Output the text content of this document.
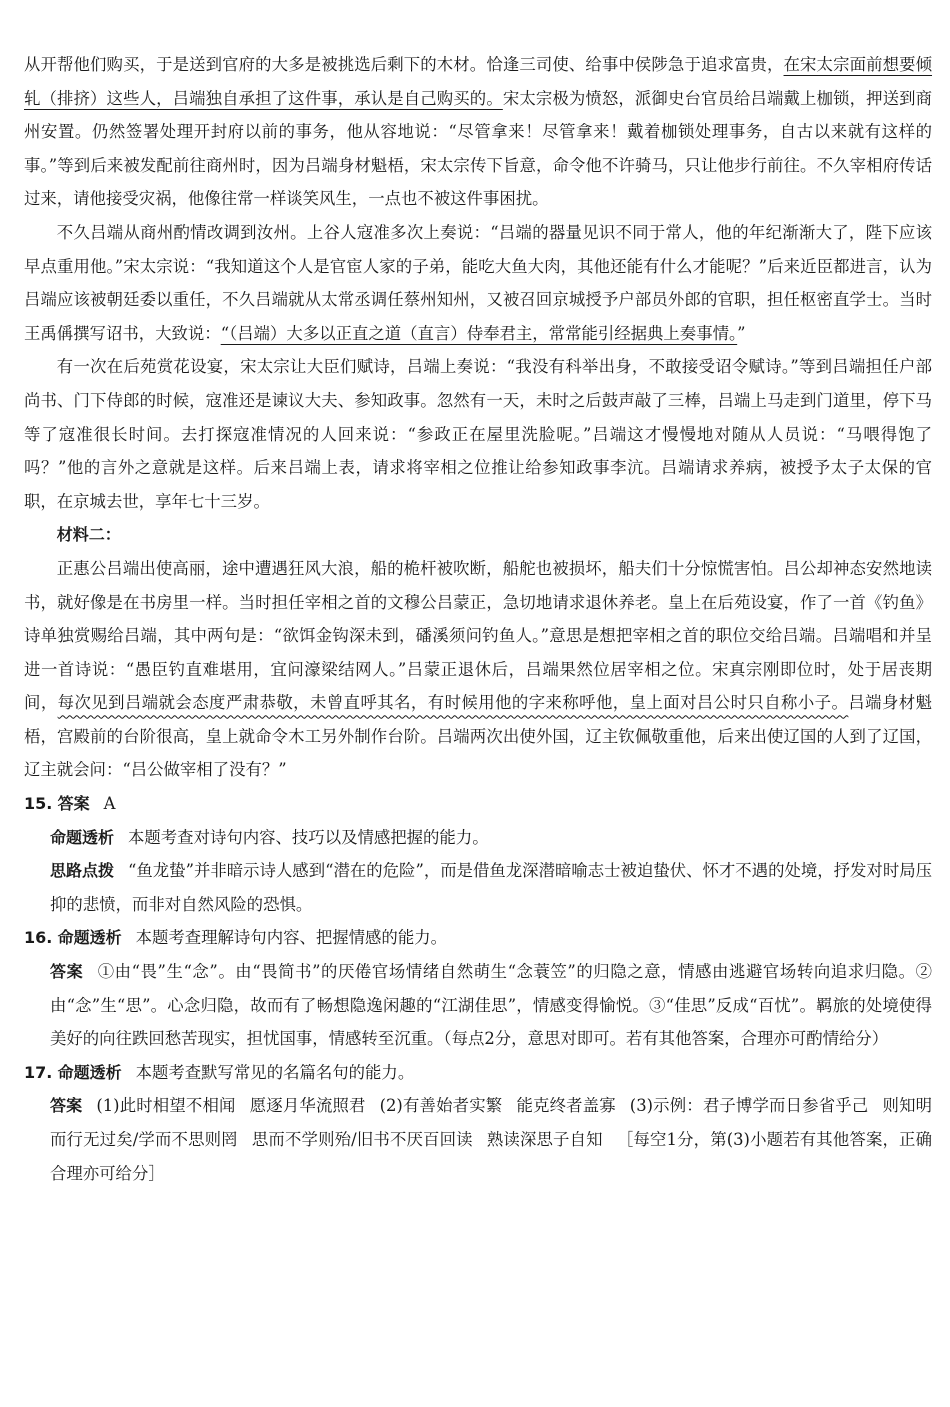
从开帮他们购买，于是送到官府的大多是被挑选后剩下的木材。恰逢三司使、给事中侯陟急于追求富贵，在宋太宗面前想要倾轧（排挤）这些人，吕端独自承担了这件事，承认是自己购买的。宋太宗极为愤怒，派御史台官员给吕端戴上枷锁，押送到商州安置。仍然签署处理开封府以前的事务，他从容地说：“尽管拿来！尽管拿来！戴着枷锁处理事务，自古以来就有这样的事。”等到后来被发配前往商州时，因为吕端身材魁梧，宋太宗传下旨意，命令他不许骑马，只让他步行前往。不久宰相府传话过来，请他接受灾祸，他像往常一样谈笑风生，一点也不被这件事困扰。

不久吕端从商州酌情改调到汝州。上谷人寇准多次上奏说：“吕端的器量见识不同于常人，他的年纪渐渐大了，陛下应该早点重用他。”宋太宗说：“我知道这个人是官宦人家的子弟，能吃大鱼大肉，其他还能有什么才能呢？”后来近臣都进言，认为吕端应该被朝廷委以重任，不久吕端就从太常丞调任蔡州知州，又被召回京城授予户部员外郎的官职，担任枢密直学士。当时王禹偁撰写诏书，大致说：“（吕端）大多以正直之道（直言）侍奉君主，常常能引经据典上奏事情。”

有一次在后苑赏花设宴，宋太宗让大臣们赋诗，吕端上奏说：“我没有科举出身，不敢接受诏令赋诗。”等到吕端担任户部尚书、门下侍郎的时候，寇准还是谏议大夫、参知政事。忽然有一天，未时之后鼓声敲了三棒，吕端上马走到门道里，停下马等了寇准很长时间。去打探寇准情况的人回来说：“参政正在屋里洗脸呢。”吕端这才慢慢地对随从人员说：“马喂得饱了吗？”他的言外之意就是这样。后来吕端上表，请求将宰相之位推让给参知政事李沆。吕端请求养病，被授予太子太保的官职，在京城去世，享年七十三岁。

材料二：

正惠公吕端出使高丽，途中遭遇狂风大浪，船的桅杆被吹断，船舵也被损坏，船夫们十分惊慌害怕。吕公却神态安然地读书，就好像是在书房里一样。当时担任宰相之首的文穆公吕蒙正，急切地请求退休养老。皇上在后苑设宴，作了一首《钓鱼》诗单独赏赐给吕端，其中两句是：“欲饵金钩深未到，磻溪须问钓鱼人。”意思是想把宰相之首的职位交给吕端。吕端唱和并呈进一首诗说：“愚臣钓直难堪用，宜问濠梁结网人。”吕蒙正退休后，吕端果然位居宰相之位。宋真宗刚即位时，处于居丧期间，每次见到吕端就会态度严肃恭敬，未曾直呼其名，有时候用他的字来称呼他，皇上面对吕公时只自称小子。吕端身材魁梧，宫殿前的台阶很高，皇上就命令木工另外制作台阶。吕端两次出使外国，辽主钦佩敬重他，后来出使辽国的人到了辽国，辽主就会问：“吕公做宰相了没有？”

15. 答案 A

命题透析 本题考查对诗句内容、技巧以及情感把握的能力。

思路点拨 “鱼龙蛰”并非暗示诗人感到“潜在的危险”，而是借鱼龙深潜暗喻志士被迫蛰伏、怀才不遇的处境，抒发对时局压抑的悲愤，而非对自然风险的恐惧。

16. 命题透析 本题考查理解诗句内容、把握情感的能力。

答案 ①由“畏”生“念”。由“畏简书”的厌倦官场情绪自然萌生“念蓑笠”的归隐之意，情感由逃避官场转向追求归隐。②由“念”生“思”。心念归隐，故而有了畅想隐逸闲趣的“江湖佳思”，情感变得愉悦。③“佳思”反成“百忧”。羁旅的处境使得美好的向往跌回愁苦现实，担忧国事，情感转至沉重。（每点2分，意思对即可。若有其他答案，合理亦可酌情给分）

17. 命题透析 本题考查默写常见的名篇名句的能力。

答案 (1)此时相望不相闻 愿逐月华流照君 (2)有善始者实繁 能克终者盖寡 (3)示例：君子博学而日参省乎己 则知明而行无过矣/学而不思则罔 思而不学则殆/旧书不厌百回读 熟读深思子自知 ［每空1分，第(3)小题若有其他答案，正确合理亦可给分］
